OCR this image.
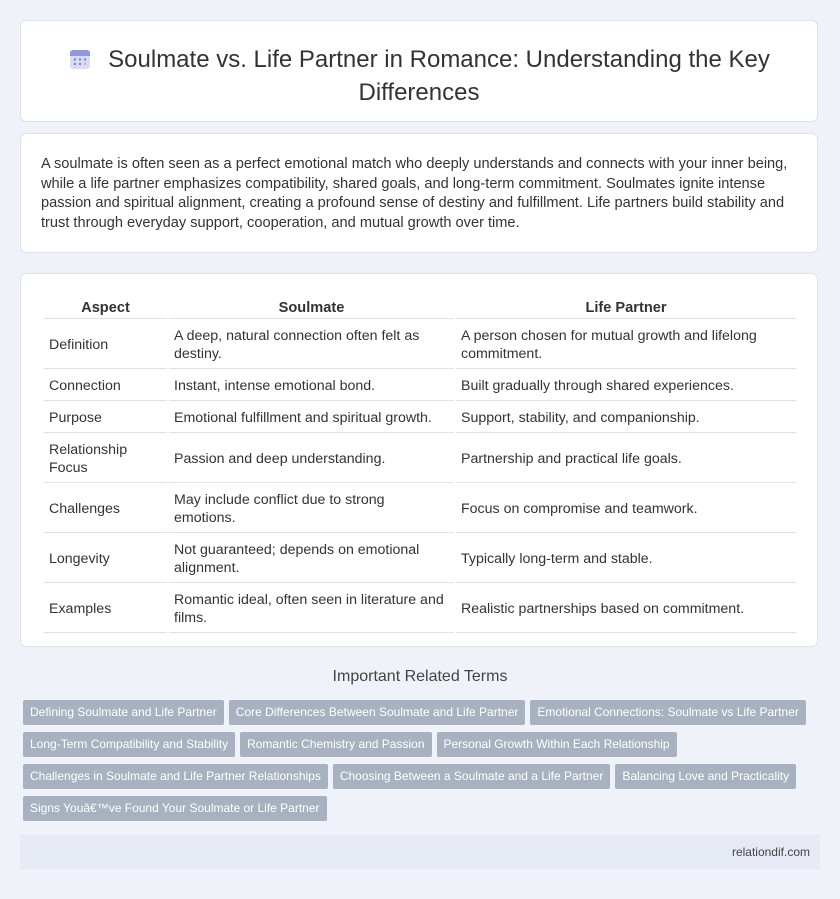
Soulmate vs. Life Partner in Romance: Understanding the Key
Differences
A soulmate is often seen as a perfect emotional match who deeply understands and connects with your inner being, while a life partner emphasizes compatibility, shared goals, and long-term commitment. Soulmates ignite intense passion and spiritual alignment, creating a profound sense of destiny and fulfillment. Life partners build stability and trust through everyday support, cooperation, and mutual growth over time.
Aspect	Soulmate	Life Partner
Definition	A deep, natural connection often felt as destiny.	A person chosen for mutual growth and lifelong commitment.
Connection	Instant, intense emotional bond.	Built gradually through shared experiences.
Purpose	Emotional fulfillment and spiritual growth.	Support, stability, and companionship.
Relationship Focus	Passion and deep understanding.	Partnership and practical life goals.
Challenges	May include conflict due to strong emotions.	Focus on compromise and teamwork.
Longevity	Not guaranteed; depends on emotional alignment.	Typically long-term and stable.
Examples	Romantic ideal, often seen in literature and films.	Realistic partnerships based on commitment.
Important Related Terms
Defining Soulmate and Life Partner Core Differences Between Soulmate and Life Partner Emotional Connections: Soulmate vs Life Partner
Long-Term Compatibility and Stability Romantic Chemistry and Passion Personal Growth Within Each Relationship
Challenges in Soulmate and Life Partner Relationships Choosing Between a Soulmate and a Life Partner Balancing Love and Practicality
Signs Youâ€™ve Found Your Soulmate or Life Partner
relationdif.com
